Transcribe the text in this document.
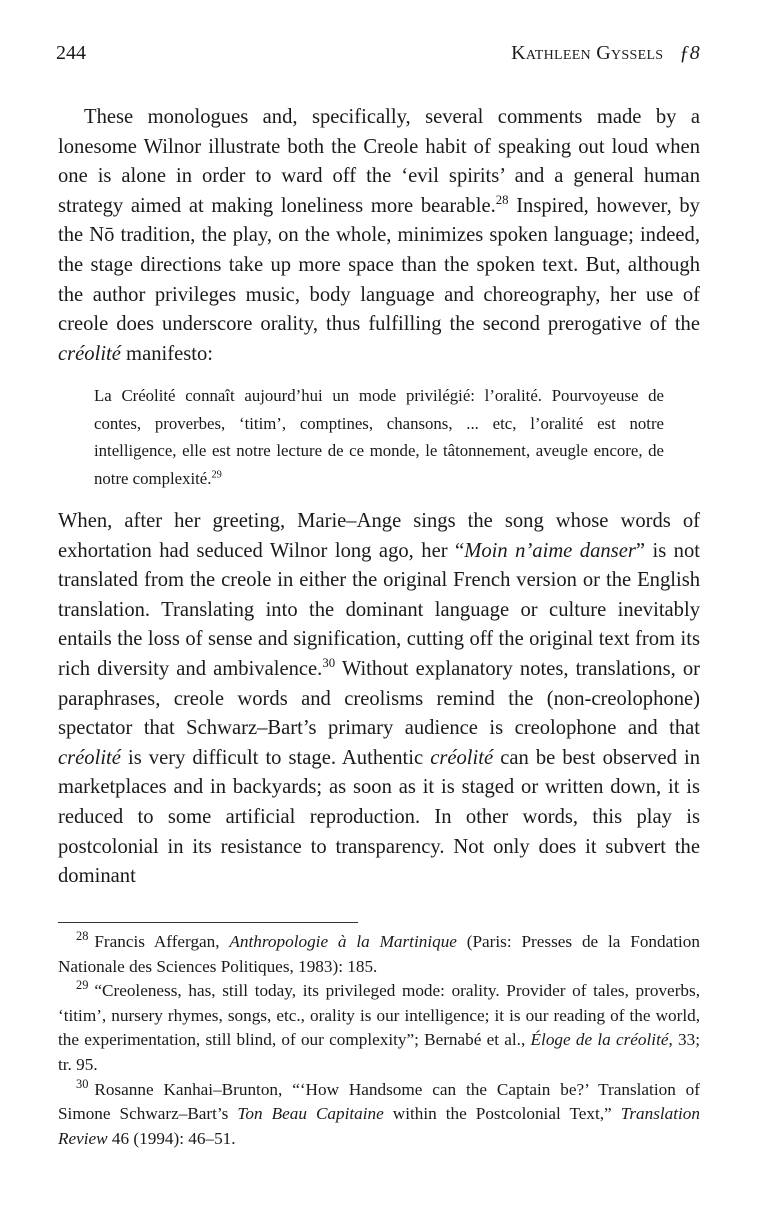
244	Kathleen Gyssels ƒ8

These monologues and, specifically, several comments made by a lonesome Wilnor illustrate both the Creole habit of speaking out loud when one is alone in order to ward off the ‘evil spirits’ and a general human strategy aimed at making loneliness more bearable.$^{28}$ Inspired, however, by the Nō tradition, the play, on the whole, minimizes spoken language; indeed, the stage directions take up more space than the spoken text. But, although the author privileges music, body language and choreography, her use of creole does underscore orality, thus fulfilling the second prerogative of the créolité manifesto:

La Créolité connaît aujourd’hui un mode privilégié: l’oralité. Pourvoyeuse de contes, proverbes, ‘titim’, comptines, chansons, ... etc, l’oralité est notre intelligence, elle est notre lecture de ce monde, le tâtonnement, aveugle encore, de notre complexité.$^{29}$

When, after her greeting, Marie–Ange sings the song whose words of exhortation had seduced Wilnor long ago, her “Moin n’aime danser” is not translated from the creole in either the original French version or the English translation. Translating into the dominant language or culture inevitably entails the loss of sense and signification, cutting off the original text from its rich diversity and ambivalence.$^{30}$ Without explanatory notes, translations, or paraphrases, creole words and creolisms remind the (non-creolophone) spectator that Schwarz–Bart’s primary audience is creolophone and that créolité is very difficult to stage. Authentic créolité can be best observed in marketplaces and in backyards; as soon as it is staged or written down, it is reduced to some artificial reproduction. In other words, this play is postcolonial in its resistance to transparency. Not only does it subvert the dominant

$^{28}$ Francis Affergan, Anthropologie à la Martinique (Paris: Presses de la Fondation Nationale des Sciences Politiques, 1983): 185.

$^{29}$ “Creoleness, has, still today, its privileged mode: orality. Provider of tales, proverbs, ‘titim’, nursery rhymes, songs, etc., orality is our intelligence; it is our reading of the world, the experimentation, still blind, of our complexity”; Bernabé et al., Éloge de la créolité, 33; tr. 95.

$^{30}$ Rosanne Kanhai–Brunton, “‘How Handsome can the Captain be?’ Translation of Simone Schwarz–Bart’s Ton Beau Capitaine within the Postcolonial Text,” Translation Review 46 (1994): 46–51.
